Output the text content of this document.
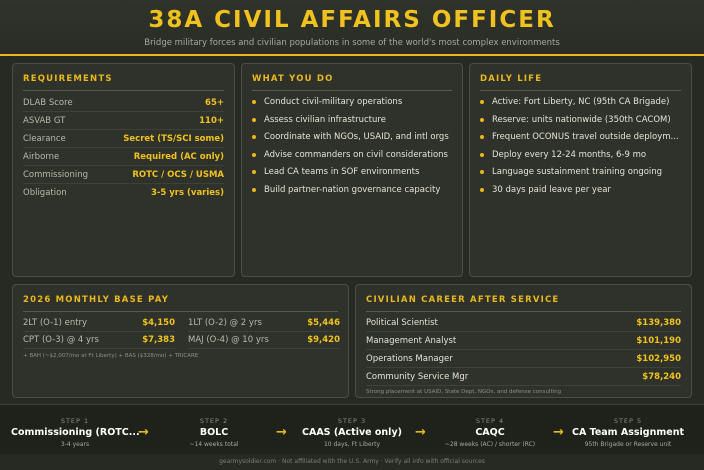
38A CIVIL AFFAIRS OFFICER
Bridge military forces and civilian populations in some of the world's most complex environments
REQUIREMENTS
DLAB Score	65+
ASVAB GT	110+
Clearance	Secret (TS/SCI some)
Airborne	Required (AC only)
Commissioning	ROTC / OCS / USMA
Obligation	3-5 yrs (varies)
WHAT YOU DO
Conduct civil-military operations
Assess civilian infrastructure
Coordinate with NGOs, USAID, and intl orgs
Advise commanders on civil considerations
Lead CA teams in SOF environments
Build partner-nation governance capacity
DAILY LIFE
Active: Fort Liberty, NC (95th CA Brigade)
Reserve: units nationwide (350th CACOM)
Frequent OCONUS travel outside deploym...
Deploy every 12-24 months, 6-9 mo
Language sustainment training ongoing
30 days paid leave per year
2026 MONTHLY BASE PAY
2LT (O-1) entry	$4,150 1LT (O-2) @ 2 yrs	$5,446
CPT (O-3) @ 4 yrs	$7,383 MAJ (O-4) @ 10 yrs	$9,420
+ BAH (~$2,007/mo at Ft Liberty) + BAS ($328/mo) + TRICARE
CIVILIAN CAREER AFTER SERVICE
Political Scientist	$139,380
Management Analyst	$101,190
Operations Manager	$102,950
Community Service Mgr	$78,240
Strong placement at USAID, State Dept, NGOs, and defense consulting
STEP 1
Commissioning (ROTC...
3-4 years
→
STEP 2
BOLC
~14 weeks total
→
STEP 3
CAAS (Active only)
10 days, Ft Liberty
→
STEP 4
CAQC
~28 weeks (AC) / shorter (RC)
→
STEP 5
CA Team Assignment
95th Brigade or Reserve unit
gearmysoldier.com · Not affiliated with the U.S. Army · Verify all info with official sources
